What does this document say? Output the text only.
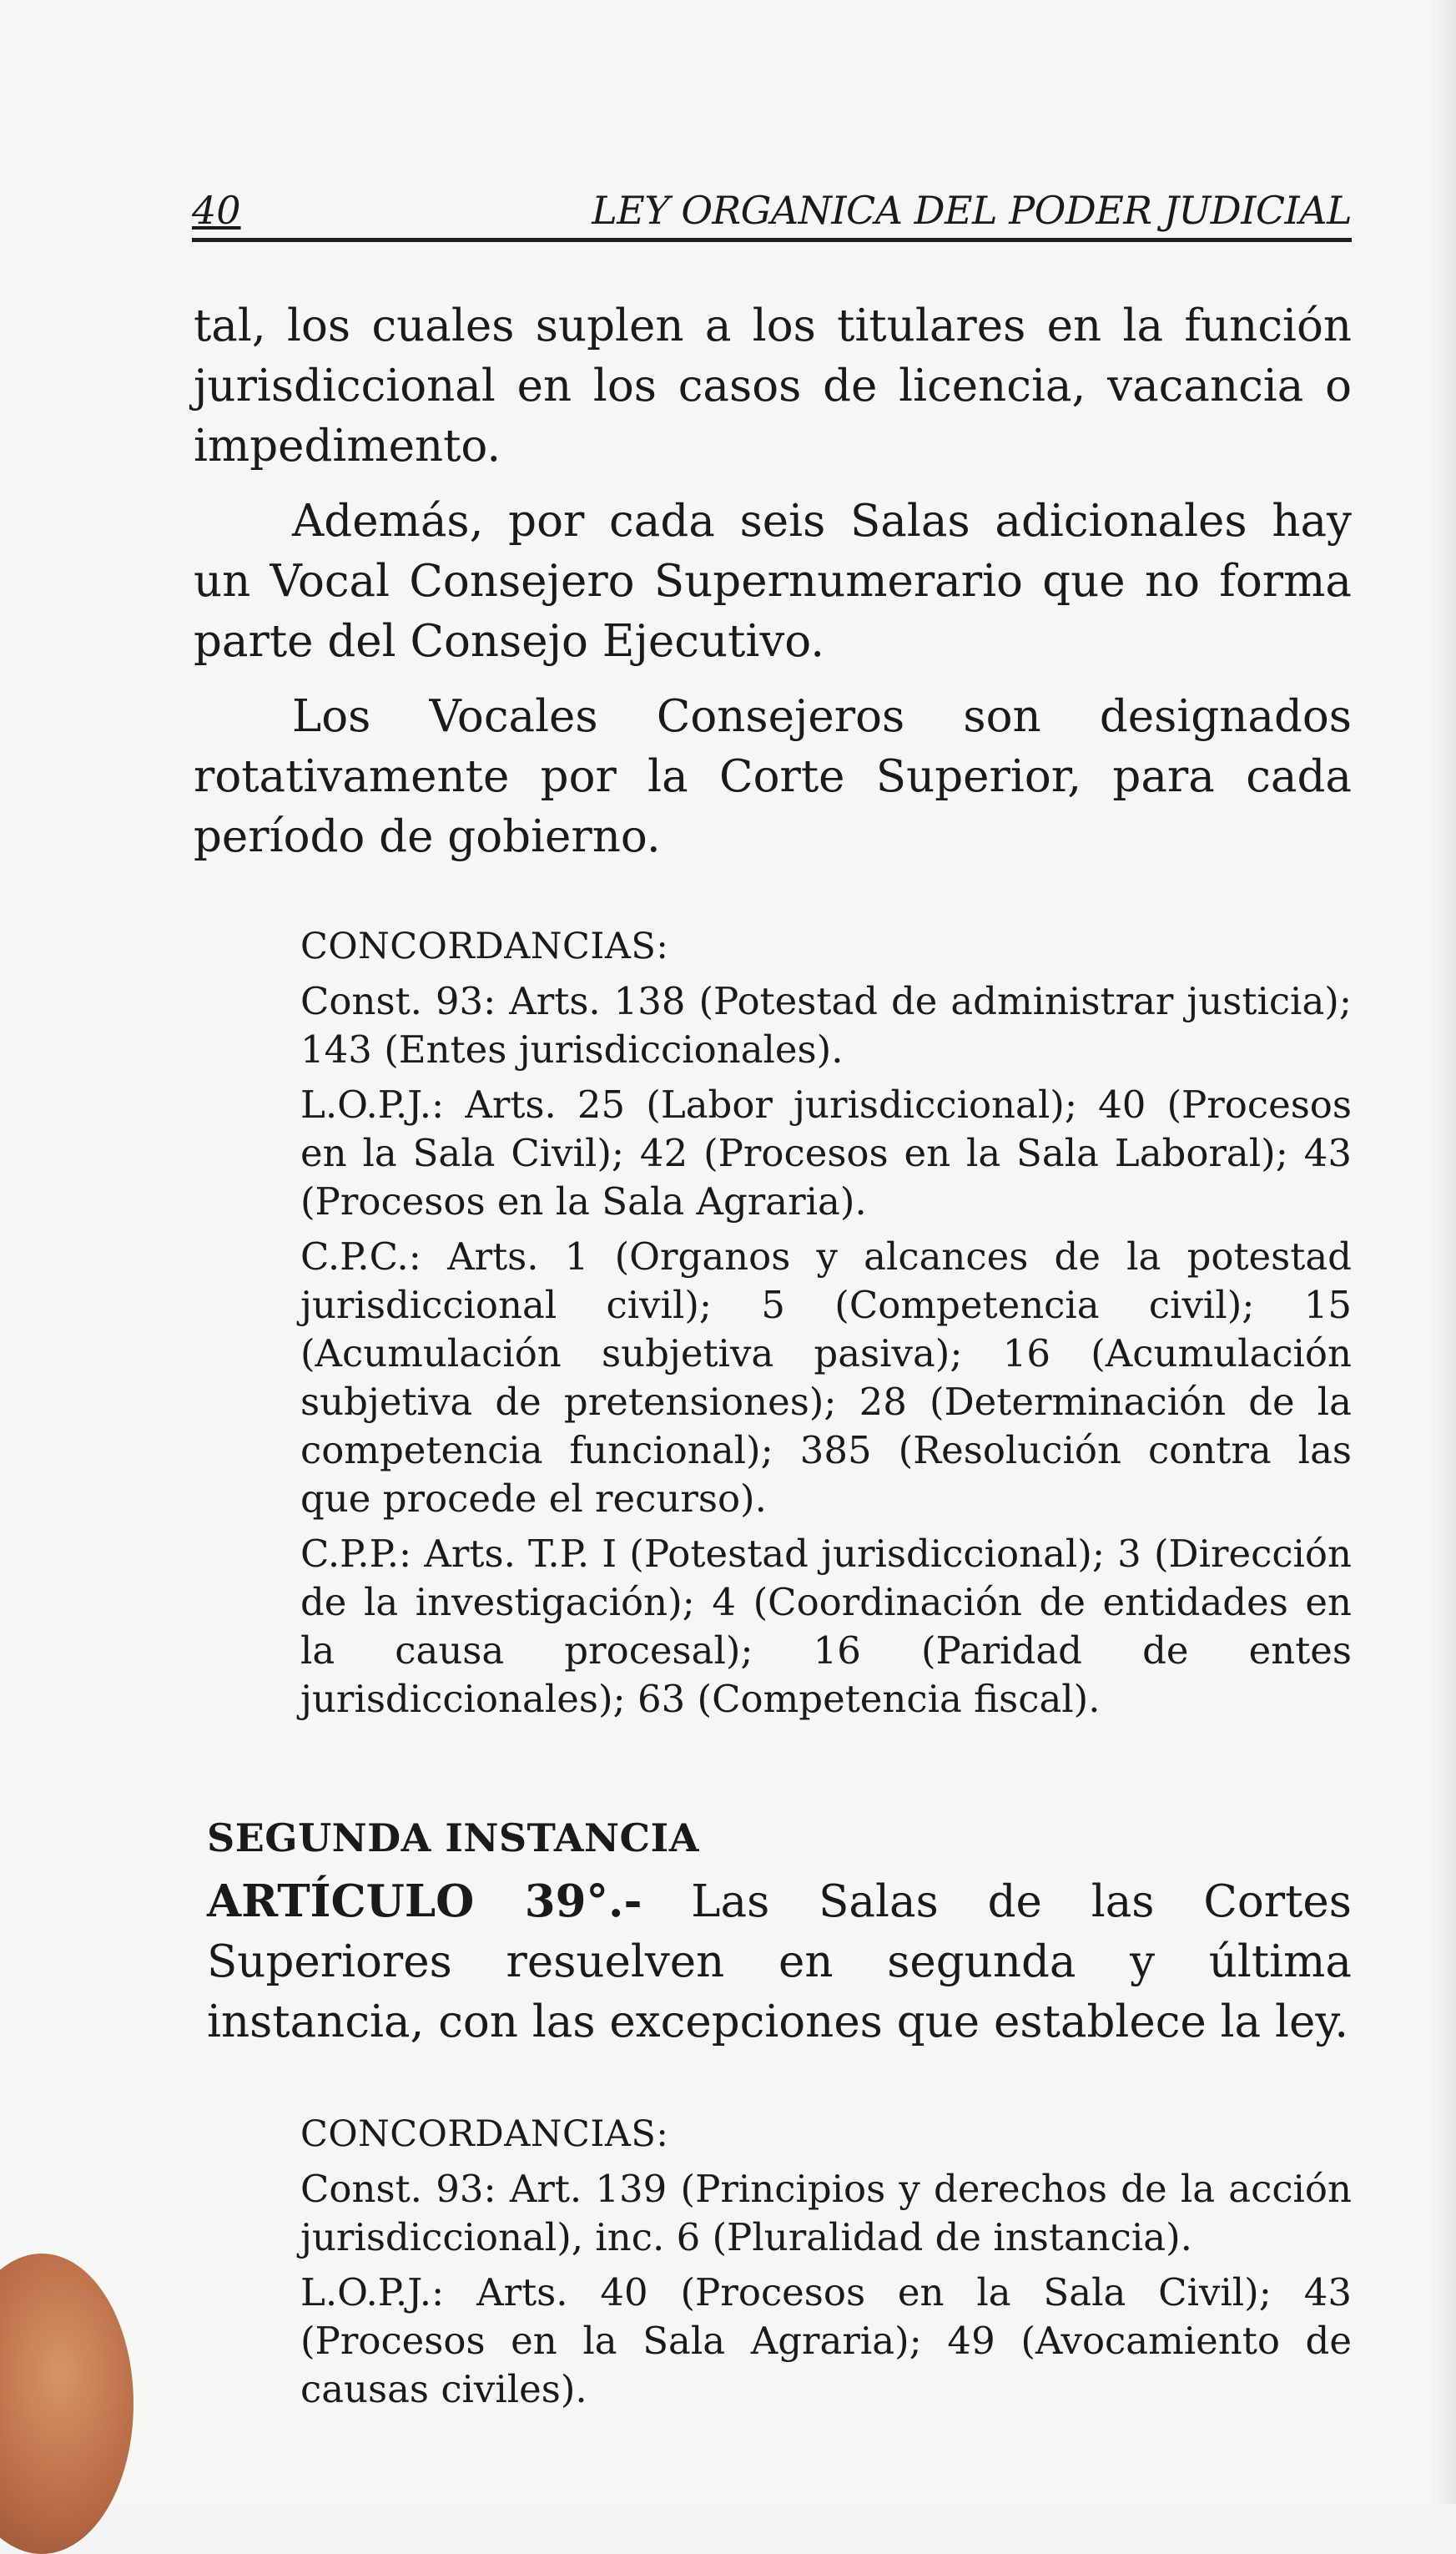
40	LEY ORGANICA DEL PODER JUDICIAL

tal, los cuales suplen a los titulares en la función jurisdiccional en los casos de licencia, vacancia o impedimento.

Además, por cada seis Salas adicionales hay un Vocal Consejero Supernumerario que no forma parte del Consejo Ejecutivo.

Los Vocales Consejeros son designados rotativamente por la Corte Superior, para cada período de gobierno.

CONCORDANCIAS:

Const. 93: Arts. 138 (Potestad de administrar justicia); 143 (Entes jurisdiccionales).

L.O.P.J.: Arts. 25 (Labor jurisdiccional); 40 (Procesos en la Sala Civil); 42 (Procesos en la Sala Laboral); 43 (Procesos en la Sala Agraria).

C.P.C.: Arts. 1 (Organos y alcances de la potestad jurisdiccional civil); 5 (Competencia civil); 15 (Acumulación subjetiva pasiva); 16 (Acumulación subjetiva de pretensiones); 28 (Determinación de la competencia funcional); 385 (Resolución contra las que procede el recurso).

C.P.P.: Arts. T.P. I (Potestad jurisdiccional); 3 (Dirección de la investigación); 4 (Coordinación de entidades en la causa procesal); 16 (Paridad de entes jurisdiccionales); 63 (Competencia fiscal).

SEGUNDA INSTANCIA

ARTÍCULO 39°.- Las Salas de las Cortes Superiores resuelven en segunda y última instancia, con las excepciones que establece la ley.

CONCORDANCIAS:

Const. 93: Art. 139 (Principios y derechos de la acción jurisdiccional), inc. 6 (Pluralidad de instancia).

L.O.P.J.: Arts. 40 (Procesos en la Sala Civil); 43 (Procesos en la Sala Agraria); 49 (Avocamiento de causas civiles).
